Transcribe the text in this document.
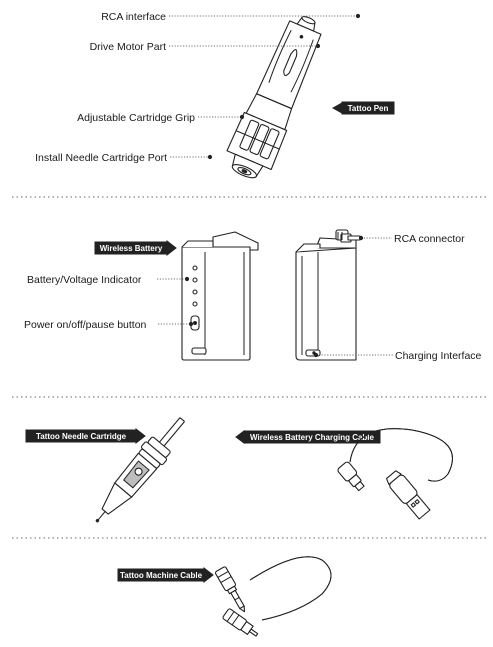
RCA interface
Drive Motor Part
Adjustable Cartridge Grip
Install Needle Cartridge Port
Tattoo Pen
Wireless Battery
Battery/Voltage Indicator
Power on/off/pause button
RCA connector
Charging Interface
Tattoo Needle Cartridge	Wireless Battery Charging Cable
Tattoo Machine Cable
